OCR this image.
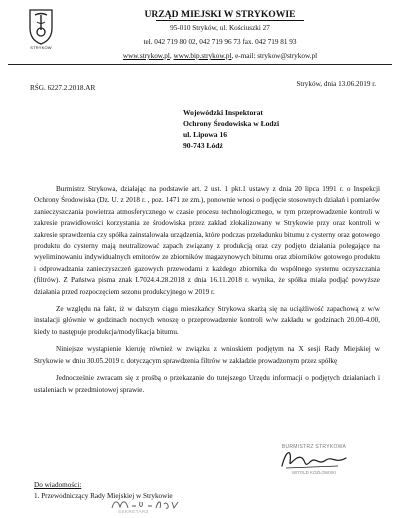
STRYKÓW
URZĄD MIEJSKI W STRYKOWIE
95-010 Stryków, ul. Kościuszki 27
tel. 042 719 80 02, 042 719 96 73 fax. 042 719 81 93
www.strykow.pl, www.bip.strykow.pl, e-mail: strykow@strykow.pl
Stryków, dnia 13.06.2019 r.
RŚG. 6227.2.2018.AR
Wojewódzki Inspektorat
Ochrony Środowiska w Łodzi
ul. Lipowa 16
90-743 Łódź

Burmistrz Strykowa, działając na podstawie art. 2 ust. 1 pkt.1 ustawy z dnia 20 lipca 1991 r. o Inspekcji Ochrony Środowiska (Dz. U. z 2018 r. , poz. 1471 ze zm.), ponownie wnosi o podjęcie stosownych działań i pomiarów zanieczyszczania powietrza atmosferycznego w czasie procesu technologicznego, w tym przeprowadzenie kontroli w zakresie prawidłowości korzystania ze środowiska przez zakład zlokalizowany w Strykowie przy oraz kontroli w zakresie sprawdzenia czy spółka zainstalowała urządzenia, które podczas przeładunku bitumu z cysterny oraz gotowego produktu do cysterny mają neutralizować zapach związany z produkcją oraz czy podjęto działania polegające na wyeliminowaniu indywidualnych emitorów ze zbiorników magazynowych bitumu oraz zbiorników gotowego produktu i odprowadzania zanieczyszczeń gazowych przewodami z każdego zbiornika do wspólnego systemu oczyszczania (filtrów). Z Państwa pisma znak I.7024.4.28.2018 z dnia 16.11.2018 r. wynika, że spółka miała podjąć powyższe działania przed rozpoczęciem sezonu produkcyjnego w 2019 r.

Ze względu na fakt, iż w dalszym ciągu mieszkańcy Strykowa skarżą się na uciążliwość zapachową z w/w instalacji głównie w godzinach nocnych wnoszę o przeprowadzenie kontroli w/w zakładu w godzinach 20.00-4.00, kiedy to następuje produkcja/modyfikacja bitumu.

Niniejsze wystąpienie kieruję również w związku z wnioskiem podjętym na X sesji Rady Miejskiej w Strykowie w dniu 30.05.2019 r. dotyczącym sprawdzenia filtrów w zakładzie prowadzonym przez spółkę

Jednocześnie zwracam się z prośbą o przekazanie do tutejszego Urzędu informacji o podjętych działaniach i ustaleniach w przedmiotowej sprawie.

BURMISTRZ STRYKOWA
WITOLD KOZŁOWSKI
Do wiadomości:
1. Przewodniczący Rady Miejskiej w Strykowie
SEKRETARZ
